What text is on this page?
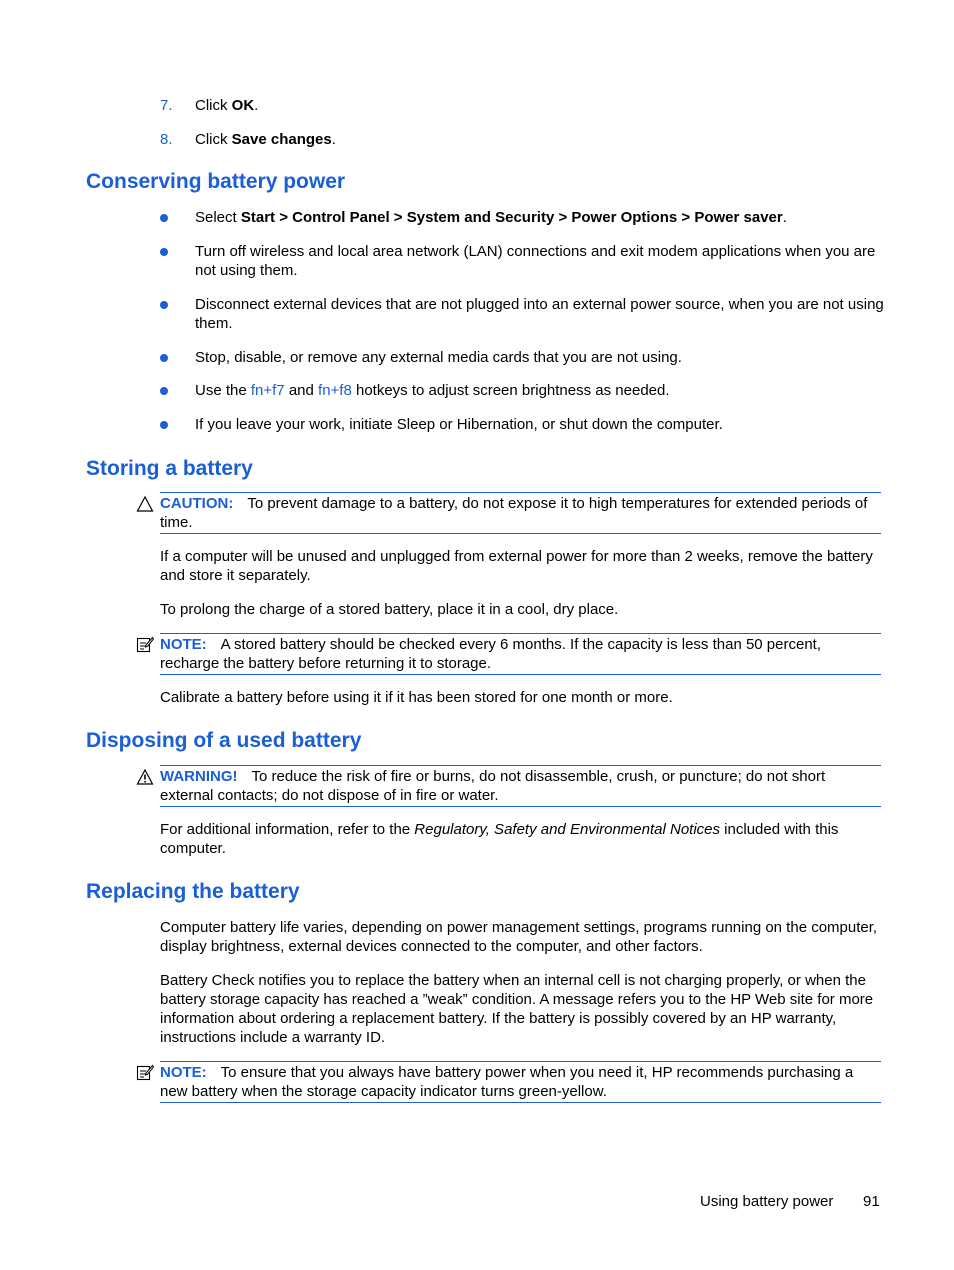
7. Click OK.
8. Click Save changes.
Conserving battery power
Select Start > Control Panel > System and Security > Power Options > Power saver.
Turn off wireless and local area network (LAN) connections and exit modem applications when you are not using them.
Disconnect external devices that are not plugged into an external power source, when you are not using them.
Stop, disable, or remove any external media cards that you are not using.
Use the fn+f7 and fn+f8 hotkeys to adjust screen brightness as needed.
If you leave your work, initiate Sleep or Hibernation, or shut down the computer.
Storing a battery
CAUTION: To prevent damage to a battery, do not expose it to high temperatures for extended periods of time.
If a computer will be unused and unplugged from external power for more than 2 weeks, remove the battery and store it separately.
To prolong the charge of a stored battery, place it in a cool, dry place.
NOTE: A stored battery should be checked every 6 months. If the capacity is less than 50 percent, recharge the battery before returning it to storage.
Calibrate a battery before using it if it has been stored for one month or more.
Disposing of a used battery
WARNING! To reduce the risk of fire or burns, do not disassemble, crush, or puncture; do not short external contacts; do not dispose of in fire or water.
For additional information, refer to the Regulatory, Safety and Environmental Notices included with this computer.
Replacing the battery
Computer battery life varies, depending on power management settings, programs running on the computer, display brightness, external devices connected to the computer, and other factors.
Battery Check notifies you to replace the battery when an internal cell is not charging properly, or when the battery storage capacity has reached a ”weak” condition. A message refers you to the HP Web site for more information about ordering a replacement battery. If the battery is possibly covered by an HP warranty, instructions include a warranty ID.
NOTE: To ensure that you always have battery power when you need it, HP recommends purchasing a new battery when the storage capacity indicator turns green-yellow.
Using battery power 91
